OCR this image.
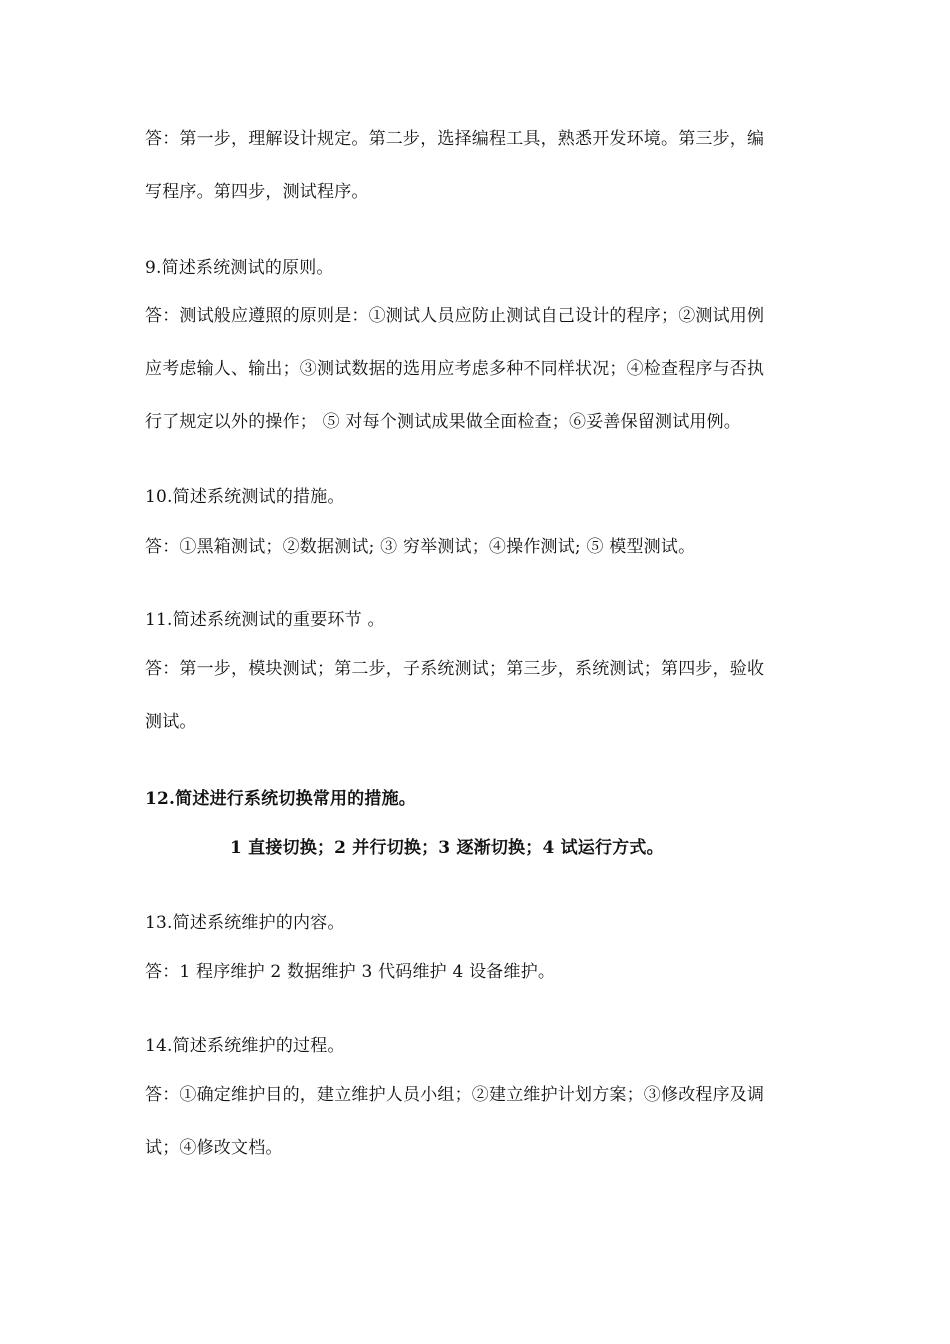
答：第一步，理解设计规定。第二步，选择编程工具，熟悉开发环境。第三步，编
写程序。第四步，测试程序。
9.简述系统测试的原则。
答：测试般应遵照的原则是：①测试人员应防止测试自己设计的程序；②测试用例
应考虑输人、输出；③测试数据的选用应考虑多种不同样状况；④检查程序与否执
行了规定以外的操作； ⑤ 对每个测试成果做全面检查；⑥妥善保留测试用例。
10.简述系统测试的措施。
答：①黑箱测试；②数据测试; ③ 穷举测试；④操作测试; ⑤ 模型测试。
11.简述系统测试的重要环节 。
答：第一步，模块测试；第二步，子系统测试；第三步，系统测试；第四步，验收
测试。
12.简述进行系统切换常用的措施。
1 直接切换；2 并行切换；3 逐渐切换；4 试运行方式。
13.简述系统维护的内容。
答：1 程序维护 2 数据维护 3 代码维护 4 设备维护。
14.简述系统维护的过程。
答：①确定维护目的，建立维护人员小组；②建立维护计划方案；③修改程序及调
试；④修改文档。
